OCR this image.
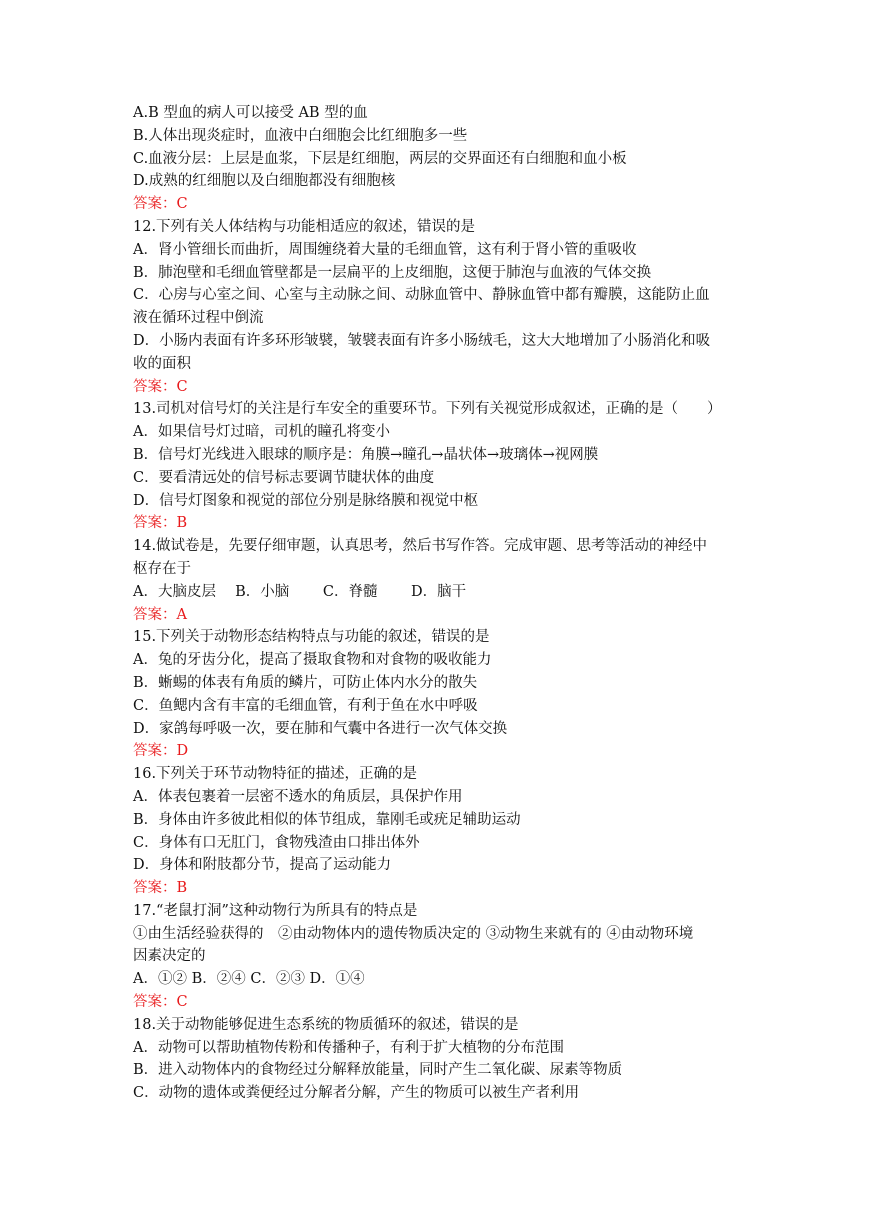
A.B 型血的病人可以接受 AB 型的血
B.人体出现炎症时，血液中白细胞会比红细胞多一些
C.血液分层：上层是血浆，下层是红细胞，两层的交界面还有白细胞和血小板
D.成熟的红细胞以及白细胞都没有细胞核
答案：C
12.下列有关人体结构与功能相适应的叙述，错误的是
A．肾小管细长而曲折，周围缠绕着大量的毛细血管，这有利于肾小管的重吸收
B．肺泡壁和毛细血管壁都是一层扁平的上皮细胞，这便于肺泡与血液的气体交换
C．心房与心室之间、心室与主动脉之间、动脉血管中、静脉血管中都有瓣膜，这能防止血
液在循环过程中倒流
D．小肠内表面有许多环形皱襞，皱襞表面有许多小肠绒毛，这大大地增加了小肠消化和吸
收的面积
答案：C
13.司机对信号灯的关注是行车安全的重要环节。下列有关视觉形成叙述，正确的是（　　）
A．如果信号灯过暗，司机的瞳孔将变小
B．信号灯光线进入眼球的顺序是：角膜→瞳孔→晶状体→玻璃体→视网膜
C．要看清远处的信号标志要调节睫状体的曲度
D．信号灯图象和视觉的部位分别是脉络膜和视觉中枢
答案：B
14.做试卷是，先要仔细审题，认真思考，然后书写作答。完成审题、思考等活动的神经中
枢存在于
A．大脑皮层　 B．小脑　　 C．脊髓　　 D．脑干
答案：A
15.下列关于动物形态结构特点与功能的叙述，错误的是
A．兔的牙齿分化，提高了摄取食物和对食物的吸收能力
B．蜥蜴的体表有角质的鳞片，可防止体内水分的散失
C．鱼鳃内含有丰富的毛细血管，有利于鱼在水中呼吸
D．家鸽每呼吸一次，要在肺和气囊中各进行一次气体交换
答案：D
16.下列关于环节动物特征的描述，正确的是
A．体表包裹着一层密不透水的角质层，具保护作用
B．身体由许多彼此相似的体节组成，靠刚毛或疣足辅助运动
C．身体有口无肛门，食物残渣由口排出体外
D．身体和附肢都分节，提高了运动能力
答案：B
17.“老鼠打洞”这种动物行为所具有的特点是
①由生活经验获得的　②由动物体内的遗传物质决定的 ③动物生来就有的 ④由动物环境
因素决定的
A．①② B．②④ C．②③ D．①④
答案：C
18.关于动物能够促进生态系统的物质循环的叙述，错误的是
A．动物可以帮助植物传粉和传播种子，有利于扩大植物的分布范围
B．进入动物体内的食物经过分解释放能量，同时产生二氧化碳、尿素等物质
C．动物的遗体或粪便经过分解者分解，产生的物质可以被生产者利用
